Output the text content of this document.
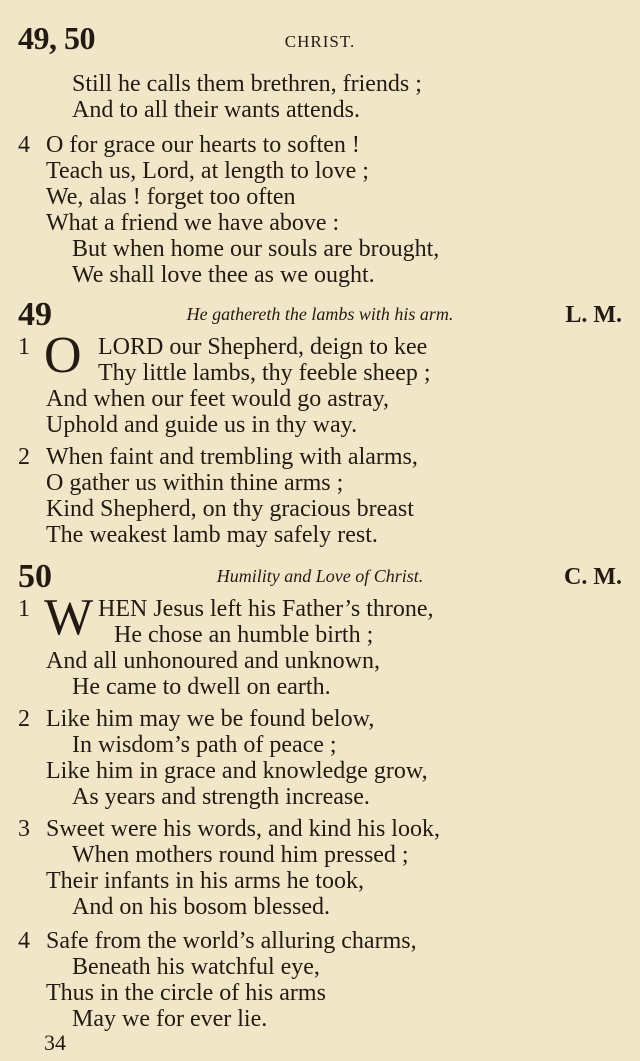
49, 50	CHRIST.
Still he calls them brethren, friends ;
And to all their wants attends.
4 O for grace our hearts to soften !
Teach us, Lord, at length to love ;
We, alas ! forget too often
What a friend we have above :
But when home our souls are brought,
We shall love thee as we ought.
49	He gathereth the lambs with his arm.	L. M.
O
1	LORD our Shepherd, deign to kee
Thy little lambs, thy feeble sheep ;
And when our feet would go astray,
Uphold and guide us in thy way.
2 When faint and trembling with alarms,
O gather us within thine arms ;
Kind Shepherd, on thy gracious breast
The weakest lamb may safely rest.
50	Humility and Love of Christ.	C. M.
W
1	HEN Jesus left his Father’s throne,
He chose an humble birth ;
And all unhonoured and unknown,
He came to dwell on earth.
2 Like him may we be found below,
In wisdom’s path of peace ;
Like him in grace and knowledge grow,
As years and strength increase.
3 Sweet were his words, and kind his look,
When mothers round him pressed ;
Their infants in his arms he took,
And on his bosom blessed.
4 Safe from the world’s alluring charms,
Beneath his watchful eye,
Thus in the circle of his arms
May we for ever lie.
34
